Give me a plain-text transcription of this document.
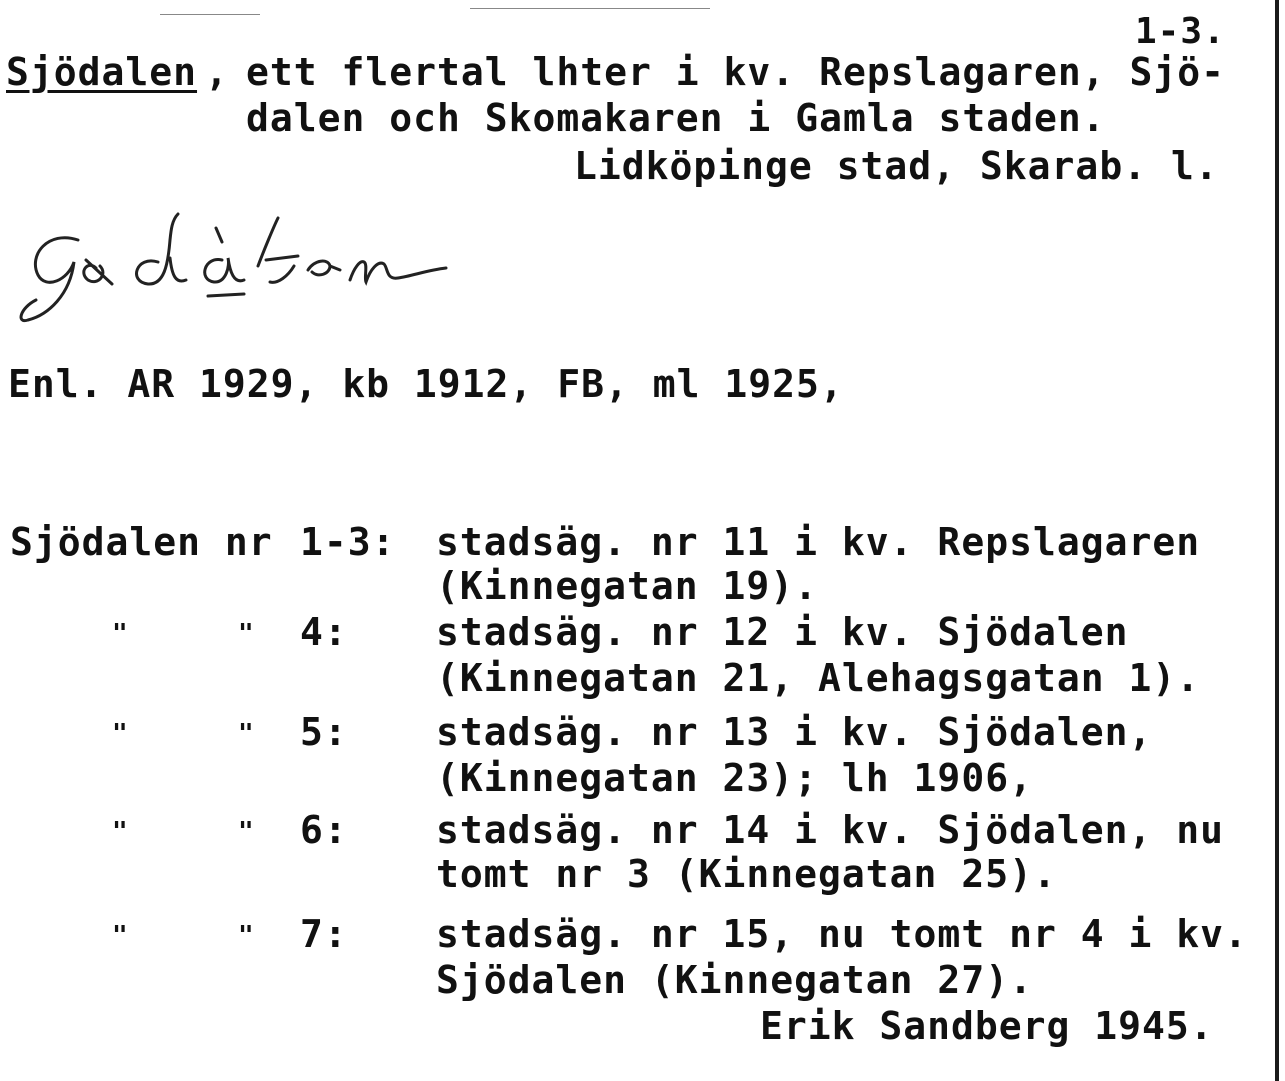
1-3.
Sjödalen , ett flertal lhter i kv. Repslagaren, Sjö-
dalen och Skomakaren i Gamla staden.
Lidköpinge stad, Skarab. l.
Enl. AR 1929, kb 1912, FB, ml 1925,
Sjödalen nr 1-3: stadsäg. nr 11 i kv. Repslagaren
(Kinnegatan 19).
"	" 4: stadsäg. nr 12 i kv. Sjödalen
(Kinnegatan 21, Alehagsgatan 1).
"	" 5: stadsäg. nr 13 i kv. Sjödalen,
(Kinnegatan 23); lh 1906,
"	" 6: stadsäg. nr 14 i kv. Sjödalen, nu
tomt nr 3 (Kinnegatan 25).
"	" 7: stadsäg. nr 15, nu tomt nr 4 i kv.
Sjödalen (Kinnegatan 27).
Erik Sandberg 1945.
